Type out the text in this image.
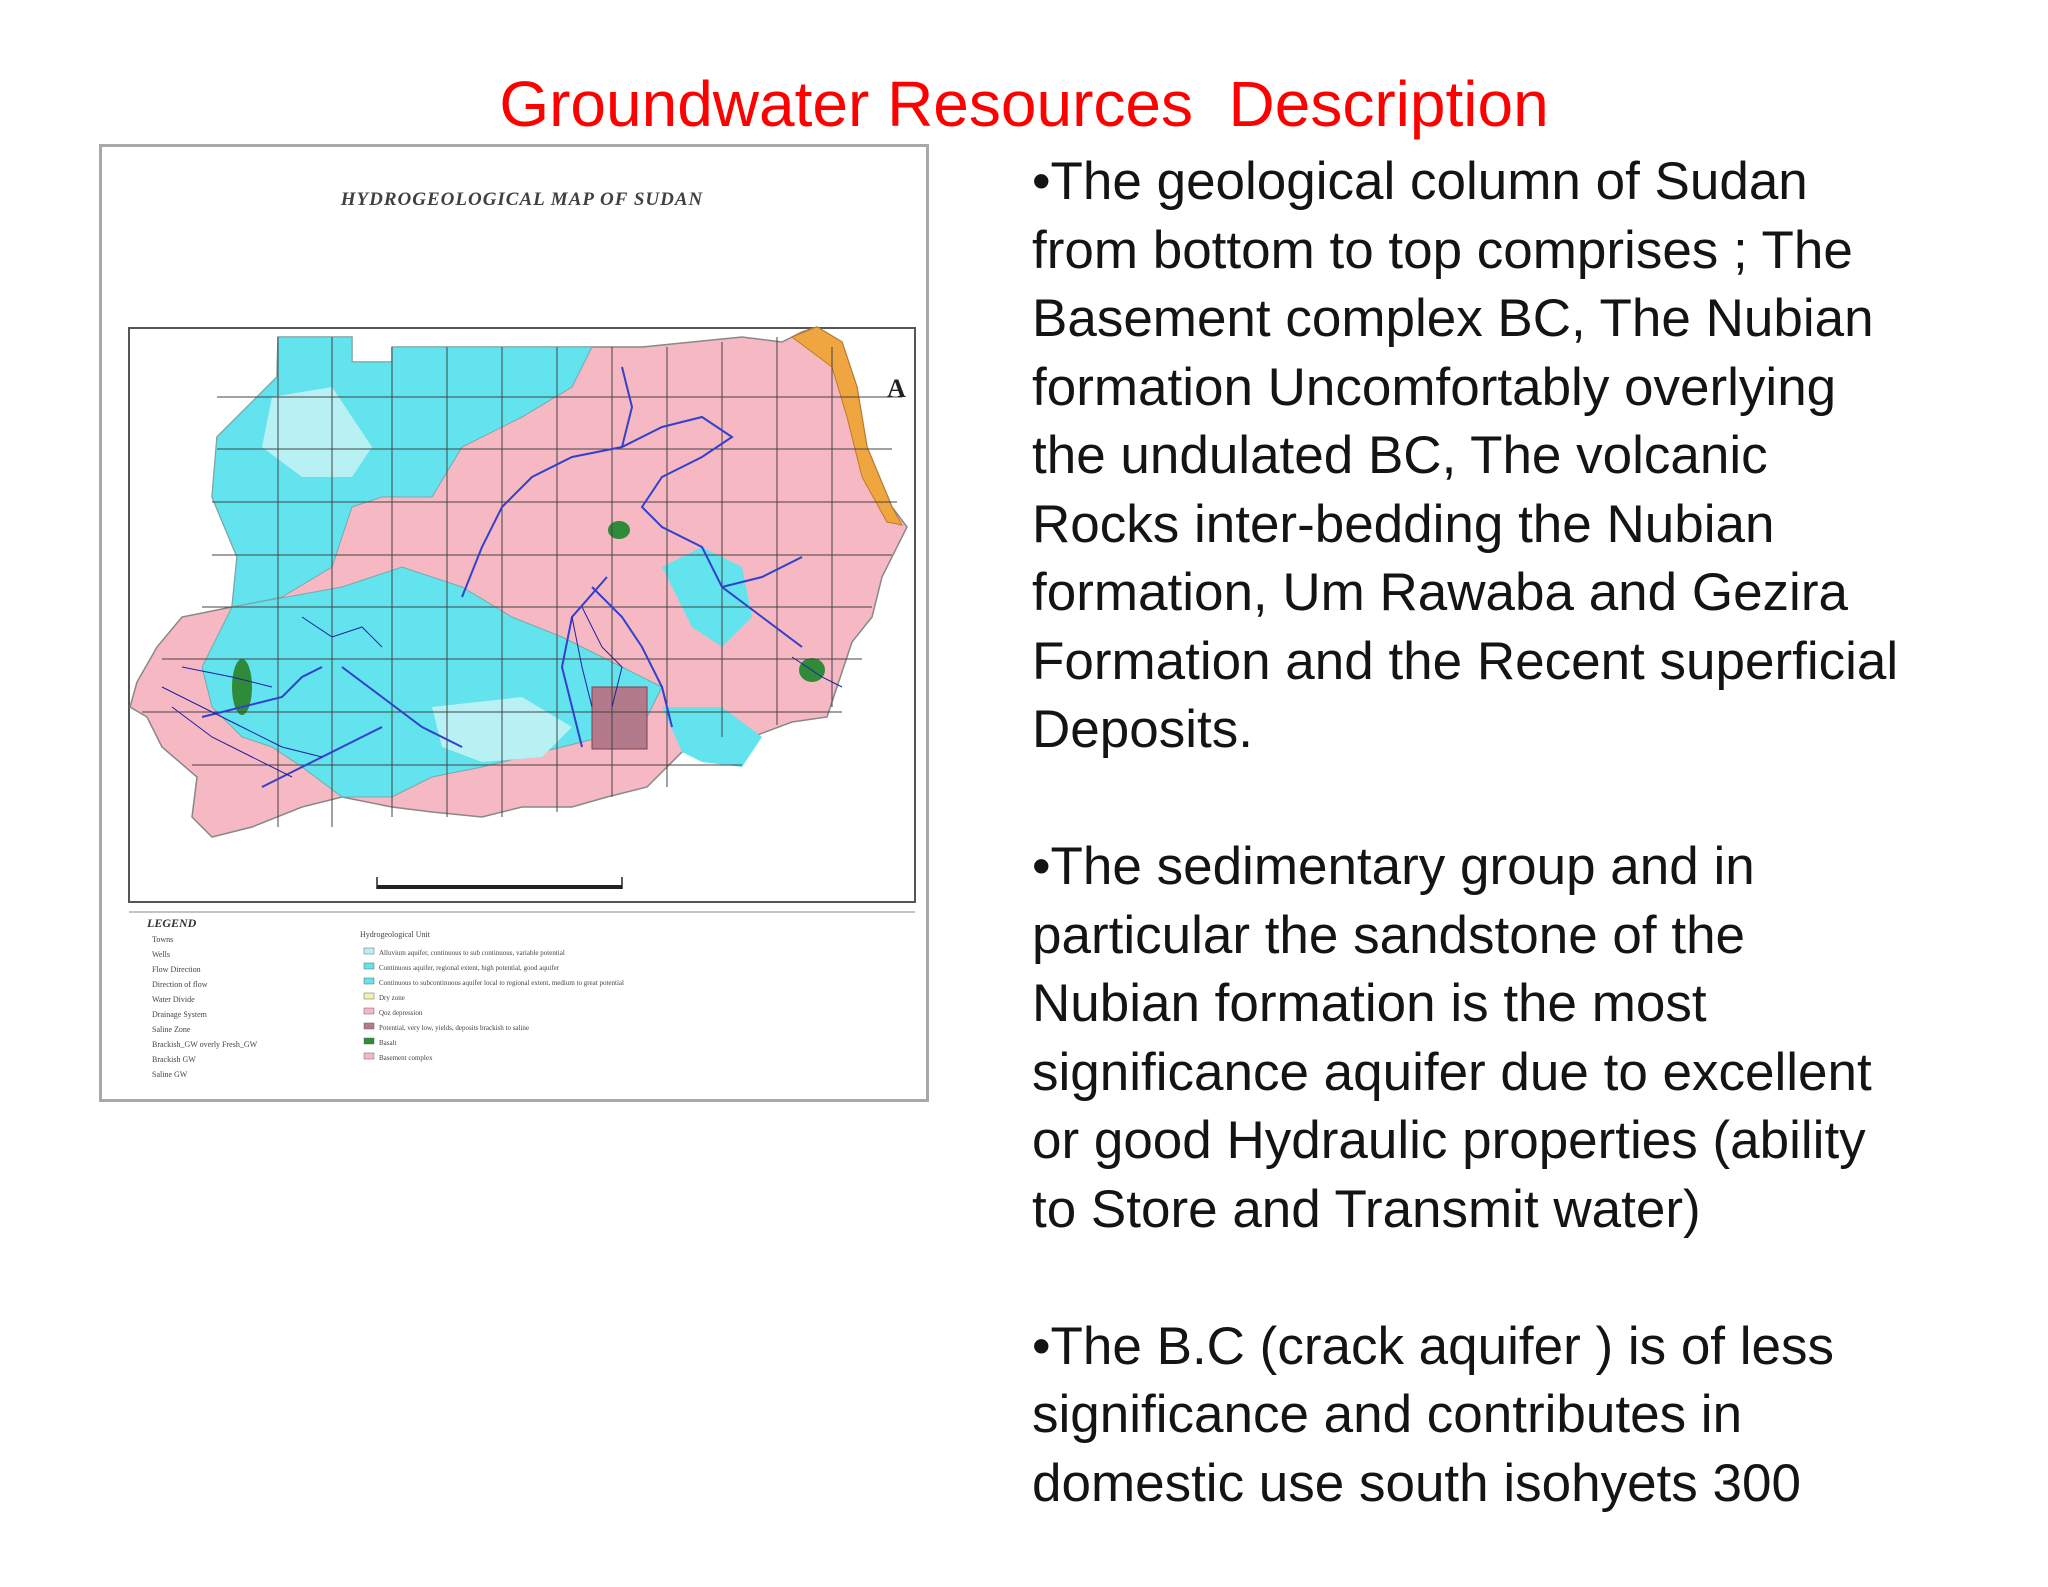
Groundwater Resources  Description
HYDROGEOLOGICAL MAP OF SUDAN
A
LEGEND
Towns
Wells
Flow Direction
Direction of flow
Water Divide
Drainage System
Saline Zone
Brackish_GW overly Fresh_GW
Brackish GW
Saline GW
Hydrogeological Unit
Alluvium aquifer, continuous to sub continuous, variable potential
Continuous aquifer, regional extent, high potential, good aquifer
Continuous to subcontinuous aquifer local to regional extent, medium to great potential
Dry zone
Qoz depression
Potential, very low, yields, deposits brackish to saline
Basalt
Basement complex

•The geological column of Sudan
from bottom to top comprises ; The
Basement complex BC, The Nubian
formation Uncomfortably overlying
the undulated BC, The volcanic
Rocks inter-bedding the Nubian
formation, Um Rawaba and Gezira
Formation and the Recent superficial
Deposits.

•The sedimentary group and in
particular the sandstone of the
Nubian formation is the most
significance aquifer due to excellent
or good Hydraulic properties (ability
to Store and Transmit water)

•The B.C (crack aquifer ) is of less
significance and contributes in
domestic use south isohyets 300
